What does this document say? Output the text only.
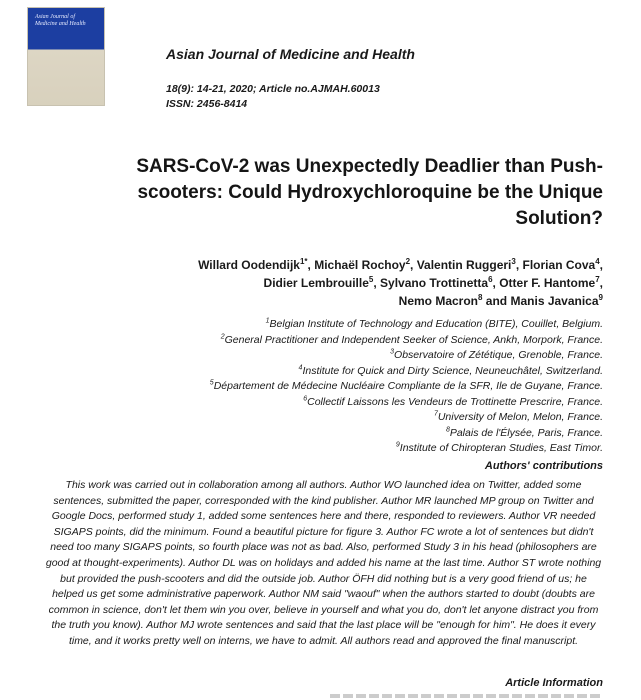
Asian Journal of Medicine and Health
Asian Journal of Medicine and Health
18(9): 14-21, 2020; Article no.AJMAH.60013
ISSN: 2456-8414
SARS-CoV-2 was Unexpectedly Deadlier than Push-scooters: Could Hydroxychloroquine be the Unique Solution?
Willard Oodendijk$^{1*}$, Michaël Rochoy$^2$, Valentin Ruggeri$^3$, Florian Cova$^4$,
Didier Lembrouille$^5$, Sylvano Trottinetta$^6$, Otter F. Hantome$^7$,
Nemo Macron$^8$ and Manis Javanica$^9$
$^1$Belgian Institute of Technology and Education (BITE), Couillet, Belgium.
$^2$General Practitioner and Independent Seeker of Science, Ankh, Morpork, France.
$^3$Observatoire of Zététique, Grenoble, France.
$^4$Institute for Quick and Dirty Science, Neuneuchâtel, Switzerland.
$^5$Département de Médecine Nucléaire Compliante de la SFR, Ile de Guyane, France.
$^6$Collectif Laissons les Vendeurs de Trottinette Prescrire, France.
$^7$University of Melon, Melon, France.
$^8$Palais de l'Élysée, Paris, France.
$^9$Institute of Chiropteran Studies, East Timor.
Authors' contributions
This work was carried out in collaboration among all authors. Author WO launched idea on Twitter, added some sentences, submitted the paper, corresponded with the kind publisher. Author MR launched MP group on Twitter and Google Docs, performed study 1, added some sentences here and there, responded to reviewers. Author VR needed SIGAPS points, did the minimum. Found a beautiful picture for figure 3. Author FC wrote a lot of sentences but didn't need too many SIGAPS points, so fourth place was not as bad. Also, performed Study 3 in his head (philosophers are good at thought-experiments). Author DL was on holidays and added his name at the last time. Author ST wrote nothing but provided the push-scooters and did the outside job. Author ÖFH did nothing but is a very good friend of us; he helped us get some administrative paperwork. Author NM said "waouf" when the authors started to doubt (doubts are common in science, don't let them win you over, believe in yourself and what you do, don't let anyone distract you from the truth you know). Author MJ wrote sentences and said that the last place will be "enough for him". He does it every time, and it works pretty well on interns, we have to admit. All authors read and approved the final manuscript.
Article Information
